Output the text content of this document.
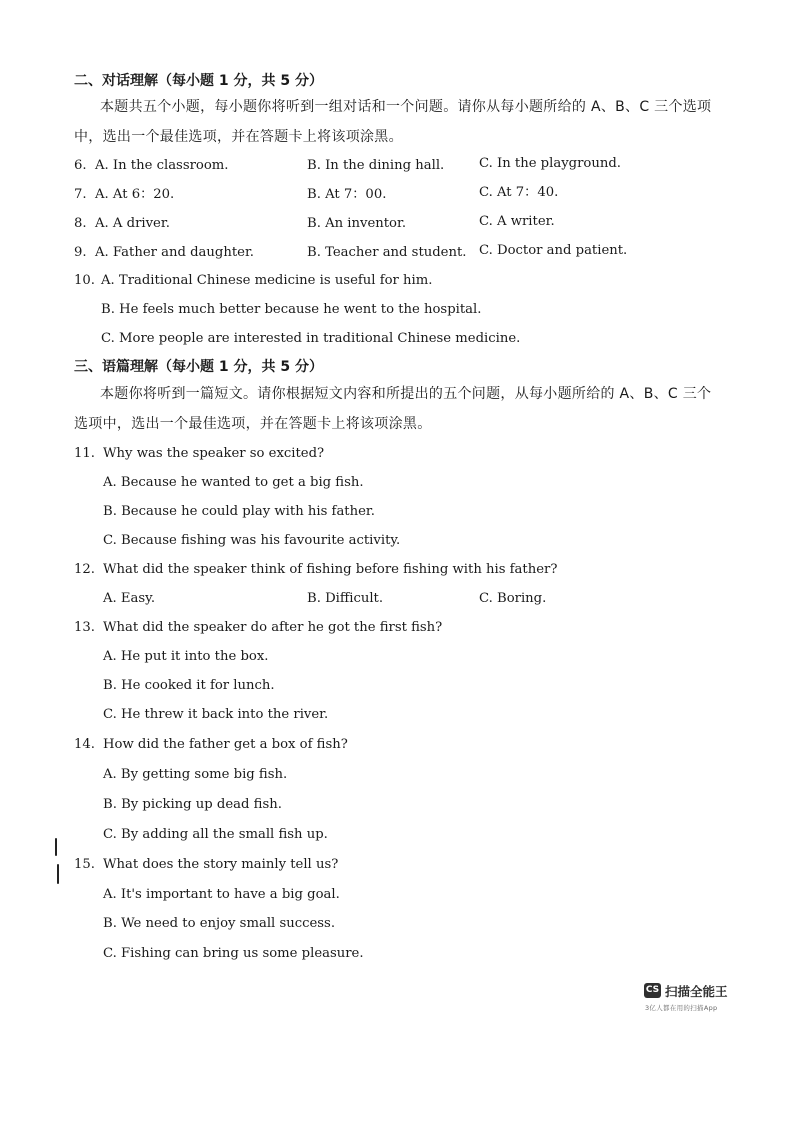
二、对话理解（每小题 1 分，共 5 分）
本题共五个小题，每小题你将听到一组对话和一个问题。请你从每小题所给的 A、B、C 三个选项
中，选出一个最佳选项，并在答题卡上将该项涂黑。
6. A. In the classroom.	B. In the dining hall.	C. In the playground.
7. A. At 6：20.	B. At 7：00.	C. At 7：40.
8. A. A driver.	B. An inventor.	C. A writer.
9. A. Father and daughter.	B. Teacher and student. C. Doctor and patient.
10. A. Traditional Chinese medicine is useful for him.
B. He feels much better because he went to the hospital.
C. More people are interested in traditional Chinese medicine.
三、语篇理解（每小题 1 分，共 5 分）
本题你将听到一篇短文。请你根据短文内容和所提出的五个问题，从每小题所给的 A、B、C 三个
选项中，选出一个最佳选项，并在答题卡上将该项涂黑。
11. Why was the speaker so excited?
A. Because he wanted to get a big fish.
B. Because he could play with his father.
C. Because fishing was his favourite activity.
12. What did the speaker think of fishing before fishing with his father?
A. Easy.	B. Difficult.	C. Boring.
13. What did the speaker do after he got the first fish?
A. He put it into the box.
B. He cooked it for lunch.
C. He threw it back into the river.
14. How did the father get a box of fish?
A. By getting some big fish.
B. By picking up dead fish.
C. By adding all the small fish up.
15. What does the story mainly tell us?
A. It's important to have a big goal.
B. We need to enjoy small success.
C. Fishing can bring us some pleasure.
CS 扫描全能王
3亿人都在用的扫描App
